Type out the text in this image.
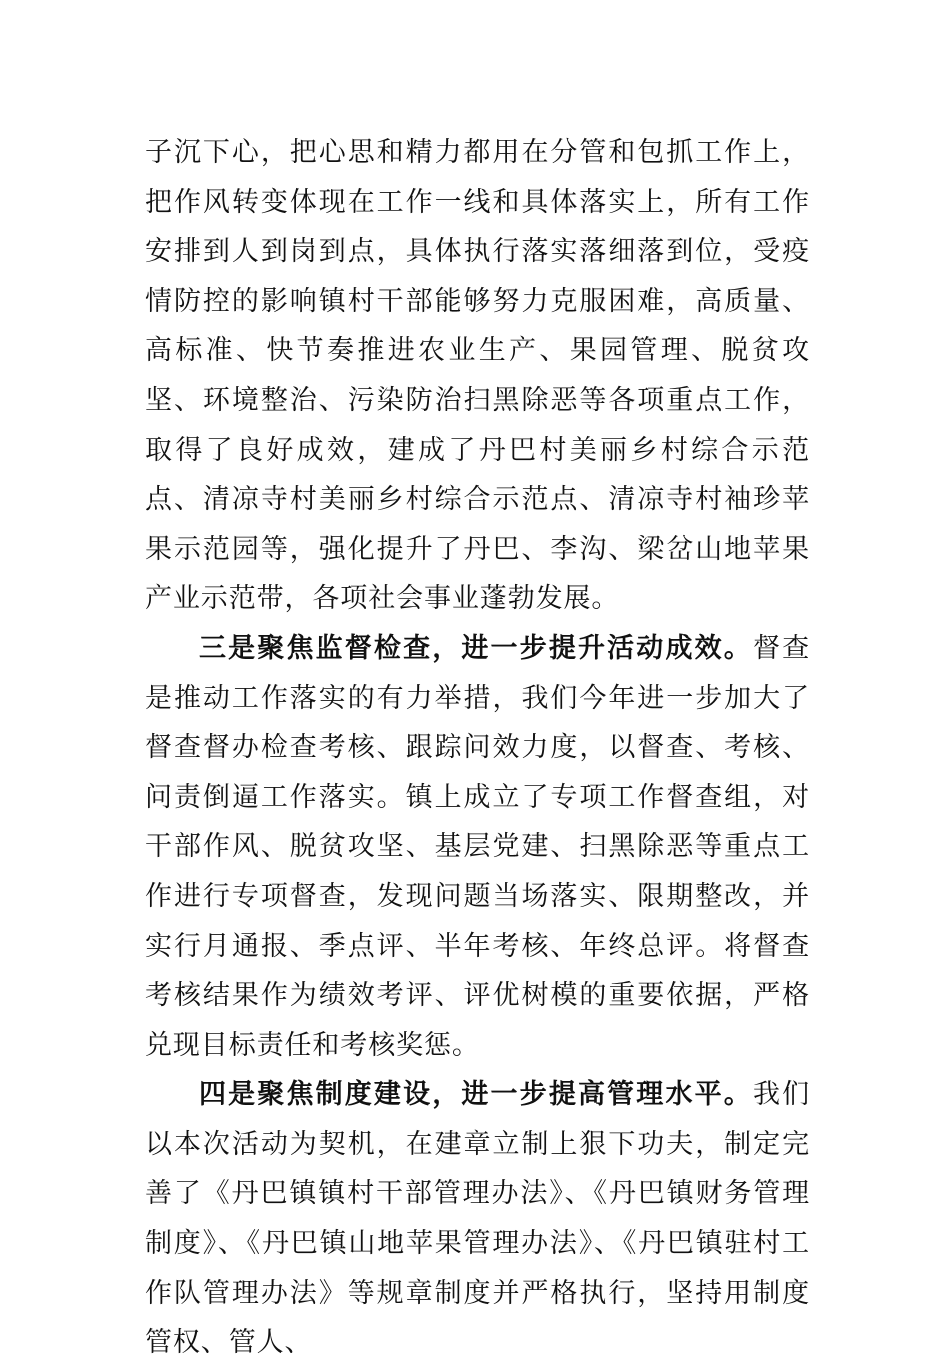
子沉下心，把心思和精力都用在分管和包抓工作上，把作风转变体现在工作一线和具体落实上，所有工作安排到人到岗到点，具体执行落实落细落到位，受疫情防控的影响镇村干部能够努力克服困难，高质量、高标准、快节奏推进农业生产、果园管理、脱贫攻坚、环境整治、污染防治扫黑除恶等各项重点工作，取得了良好成效，建成了丹巴村美丽乡村综合示范点、清凉寺村美丽乡村综合示范点、清凉寺村袖珍苹果示范园等，强化提升了丹巴、李沟、梁岔山地苹果产业示范带，各项社会事业蓬勃发展。

三是聚焦监督检查，进一步提升活动成效。督查是推动工作落实的有力举措，我们今年进一步加大了督查督办检查考核、跟踪问效力度，以督查、考核、问责倒逼工作落实。镇上成立了专项工作督查组，对干部作风、脱贫攻坚、基层党建、扫黑除恶等重点工作进行专项督查，发现问题当场落实、限期整改，并实行月通报、季点评、半年考核、年终总评。将督查考核结果作为绩效考评、评优树模的重要依据，严格兑现目标责任和考核奖惩。

四是聚焦制度建设，进一步提高管理水平。我们以本次活动为契机，在建章立制上狠下功夫，制定完善了《丹巴镇镇村干部管理办法》、《丹巴镇财务管理制度》、《丹巴镇山地苹果管理办法》、《丹巴镇驻村工作队管理办法》等规章制度并严格执行，坚持用制度管权、管人、
